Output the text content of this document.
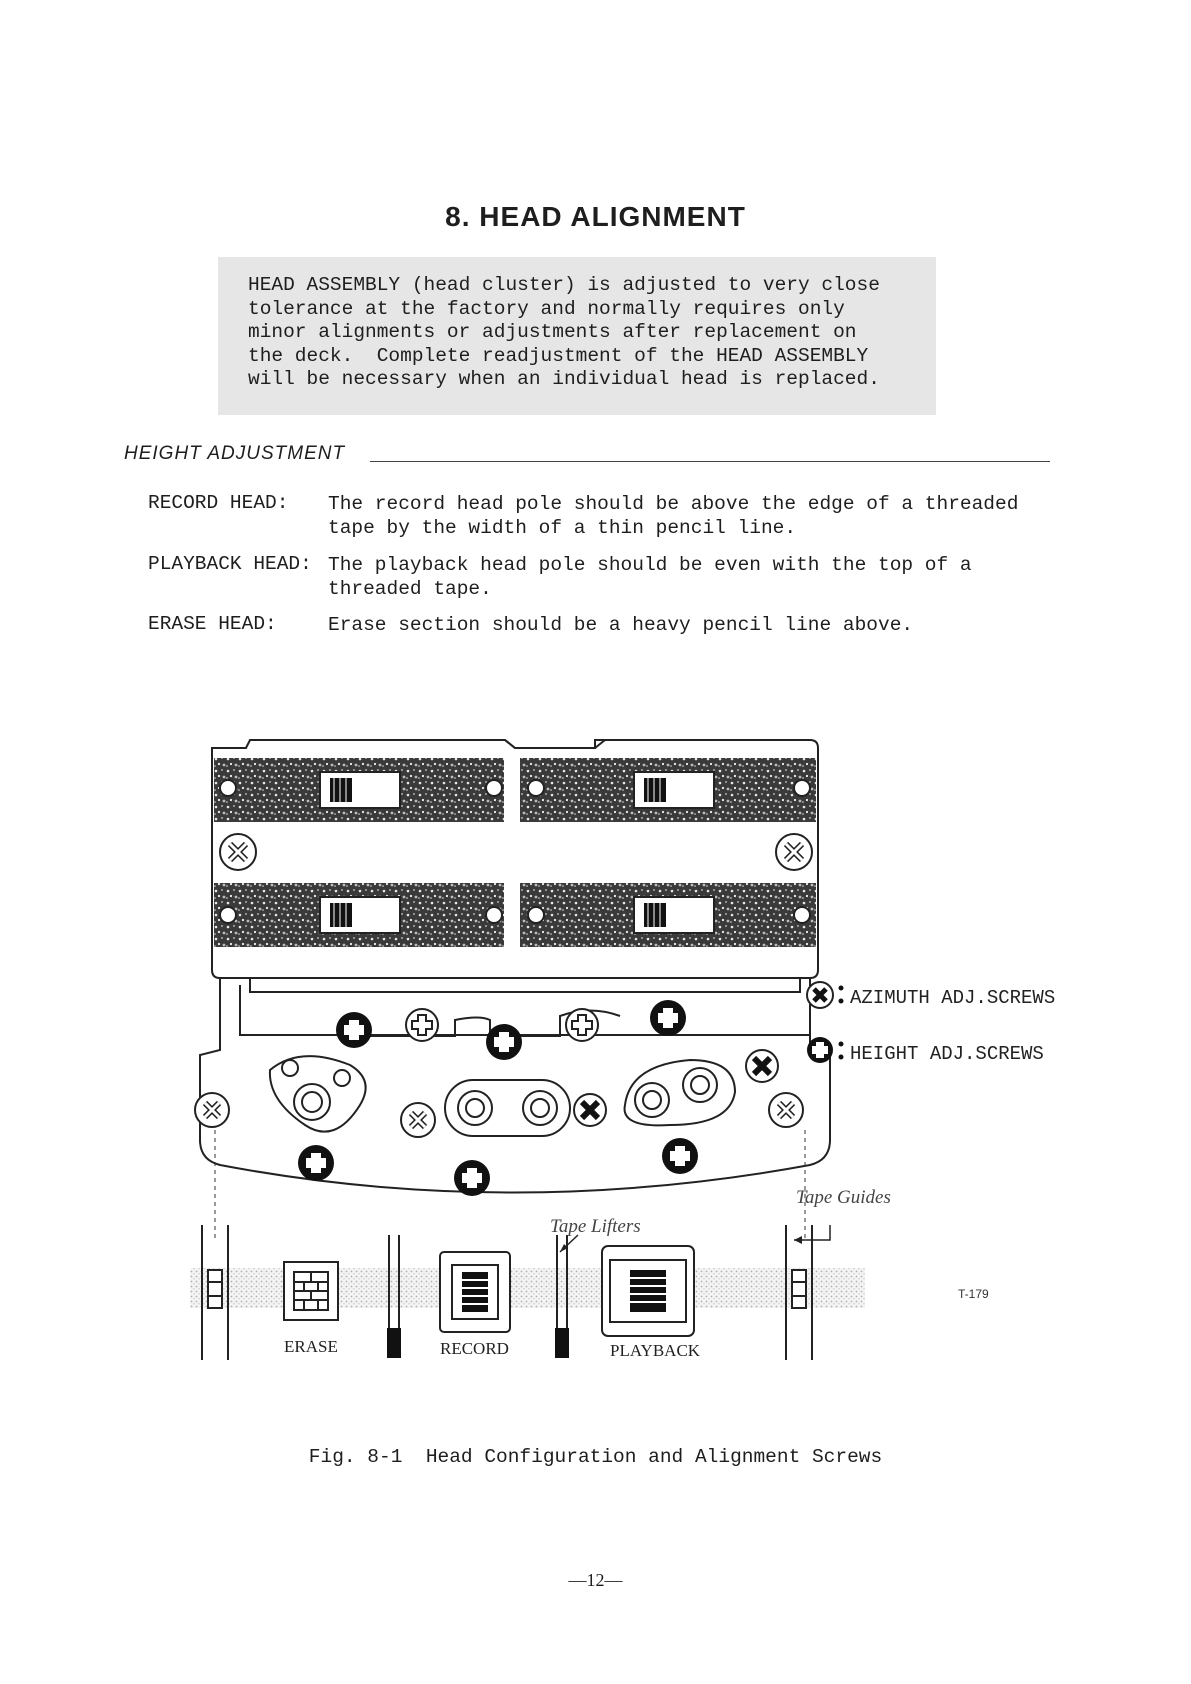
8. HEAD ALIGNMENT
HEAD ASSEMBLY (head cluster) is adjusted to very close
tolerance at the factory and normally requires only
minor alignments or adjustments after replacement on
the deck.  Complete readjustment of the HEAD ASSEMBLY
will be necessary when an individual head is replaced.
HEIGHT ADJUSTMENT
RECORD HEAD: The record head pole should be above the edge of a threaded
tape by the width of a thin pencil line.
PLAYBACK HEAD: The playback head pole should be even with the top of a
threaded tape.
ERASE HEAD:	Erase section should be a heavy pencil line above.
AZIMUTH ADJ.SCREWS
HEIGHT ADJ.SCREWS
Tape Guides
Tape Lifters
ERASE	RECORD	PLAYBACK
T-179
Fig. 8-1  Head Configuration and Alignment Screws
—12—
